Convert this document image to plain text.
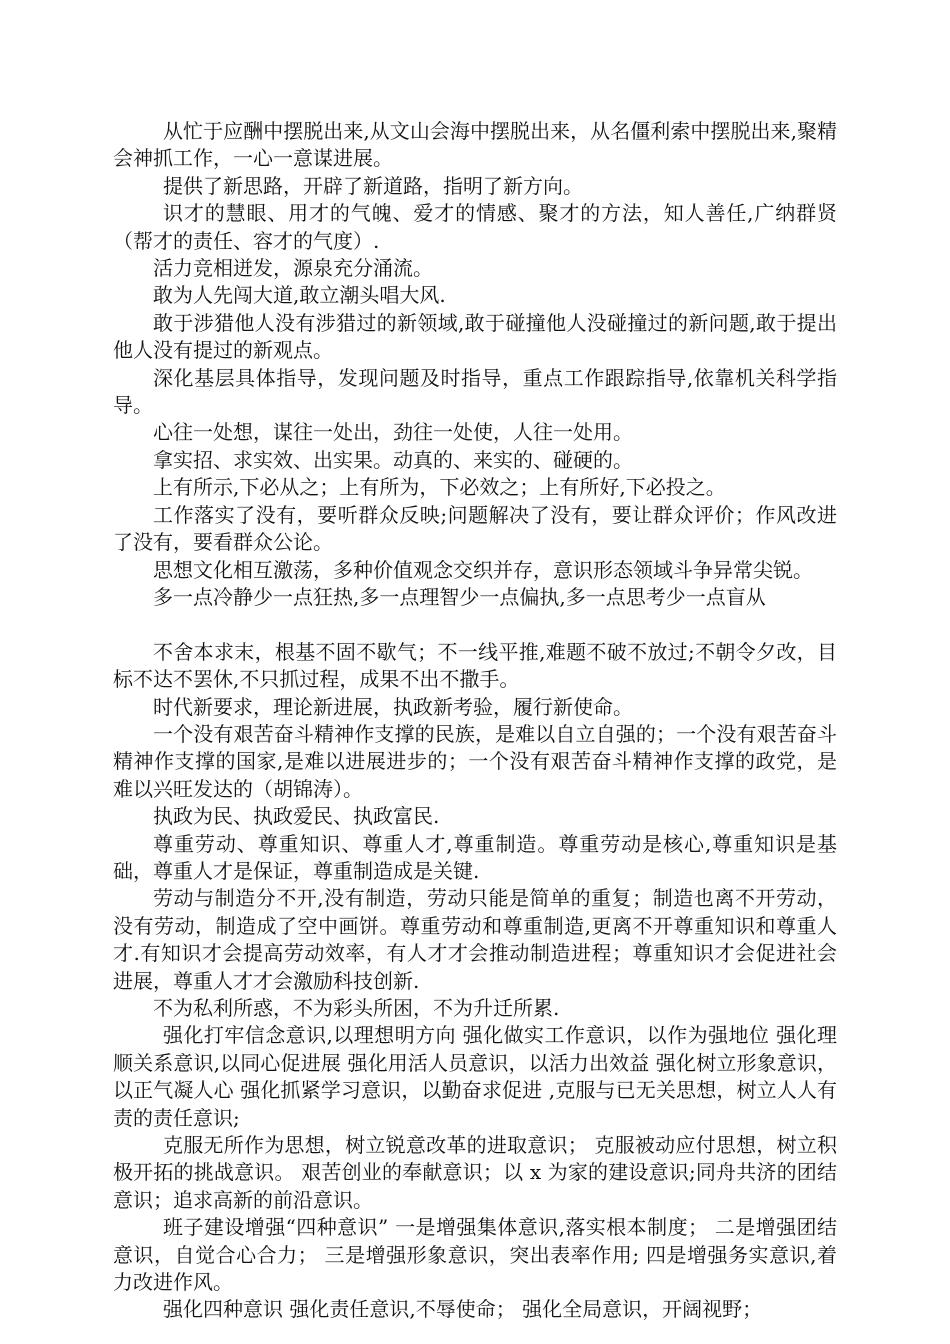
从忙于应酬中摆脱出来,从文山会海中摆脱出来，从名僵利索中摆脱出来,聚精会神抓工作，一心一意谋进展。

提供了新思路，开辟了新道路，指明了新方向。

识才的慧眼、用才的气魄、爱才的情感、聚才的方法，知人善任,广纳群贤（帮才的责任、容才的气度）.

活力竞相迸发，源泉充分涌流。

敢为人先闯大道,敢立潮头唱大风.

敢于涉猎他人没有涉猎过的新领域,敢于碰撞他人没碰撞过的新问题,敢于提出他人没有提过的新观点。

深化基层具体指导，发现问题及时指导，重点工作跟踪指导,依靠机关科学指导。

心往一处想，谋往一处出，劲往一处使，人往一处用。

拿实招、求实效、出实果。动真的、来实的、碰硬的。

上有所示,下必从之；上有所为，下必效之；上有所好,下必投之。

工作落实了没有，要听群众反映;问题解决了没有，要让群众评价；作风改进了没有，要看群众公论。

思想文化相互激荡，多种价值观念交织并存，意识形态领域斗争异常尖锐。

多一点冷静少一点狂热,多一点理智少一点偏执,多一点思考少一点盲从

不舍本求末，根基不固不歇气；不一线平推,难题不破不放过;不朝令夕改，目标不达不罢休,不只抓过程，成果不出不撒手。

时代新要求，理论新进展，执政新考验，履行新使命。

一个没有艰苦奋斗精神作支撑的民族，是难以自立自强的；一个没有艰苦奋斗精神作支撑的国家,是难以进展进步的；一个没有艰苦奋斗精神作支撑的政党，是难以兴旺发达的（胡锦涛）。

执政为民、执政爱民、执政富民.

尊重劳动、尊重知识、尊重人才,尊重制造。尊重劳动是核心,尊重知识是基础，尊重人才是保证，尊重制造成是关键.

劳动与制造分不开,没有制造，劳动只能是简单的重复；制造也离不开劳动，没有劳动，制造成了空中画饼。尊重劳动和尊重制造,更离不开尊重知识和尊重人才.有知识才会提高劳动效率，有人才才会推动制造进程；尊重知识才会促进社会进展，尊重人才才会激励科技创新.

不为私利所惑，不为彩头所困，不为升迁所累.

强化打牢信念意识,以理想明方向 强化做实工作意识，以作为强地位 强化理顺关系意识,以同心促进展 强化用活人员意识，以活力出效益 强化树立形象意识，以正气凝人心 强化抓紧学习意识，以勤奋求促进 ,克服与已无关思想，树立人人有责的责任意识;

克服无所作为思想，树立锐意改革的进取意识； 克服被动应付思想，树立积极开拓的挑战意识。 艰苦创业的奉献意识；以 x 为家的建设意识;同舟共济的团结意识；追求高新的前沿意识。

班子建设增强“四种意识” 一是增强集体意识,落实根本制度； 二是增强团结意识，自觉合心合力； 三是增强形象意识，突出表率作用; 四是增强务实意识,着力改进作风。

强化四种意识 强化责任意识,不辱使命； 强化全局意识，开阔视野；
